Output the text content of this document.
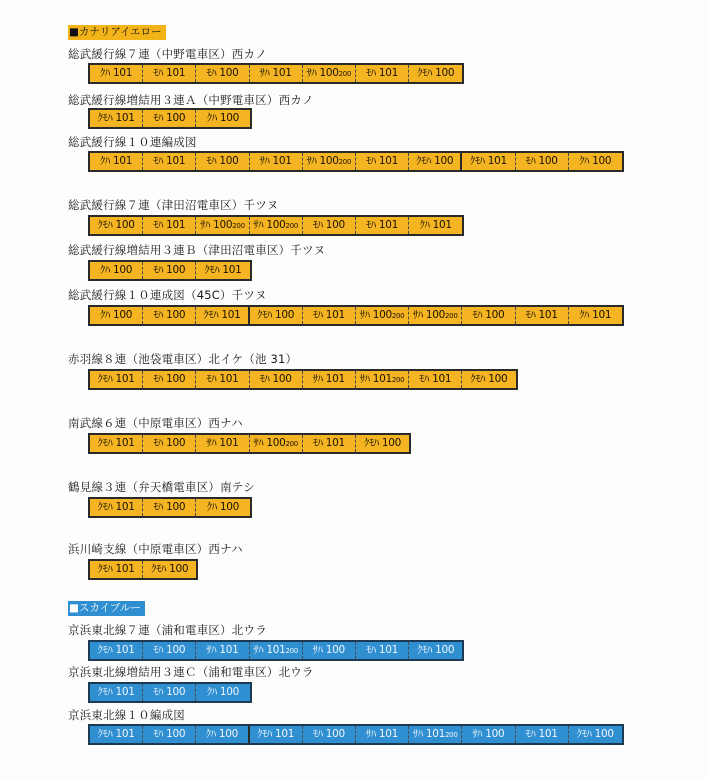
■カナリアイエロー
■スカイブルー
総武緩行線７連（中野電車区）西カノ
ｸﾊ 101	ﾓﾊ 101	ﾓﾊ 100	ｻﾊ 101	ｻﾊ 100200	ﾓﾊ 101	ｸﾓﾊ 100
総武緩行線増結用３連Ａ（中野電車区）西カノ
ｸﾓﾊ 101	ﾓﾊ 100	ｸﾊ 100
総武緩行線１０連編成図
ｸﾊ 101	ﾓﾊ 101	ﾓﾊ 100	ｻﾊ 101	ｻﾊ 100200	ﾓﾊ 101	ｸﾓﾊ 100	ｸﾓﾊ 101	ﾓﾊ 100	ｸﾊ 100
総武緩行線７連（津田沼電車区）千ツヌ
ｸﾓﾊ 100	ﾓﾊ 101	ｻﾊ 100200 ｻﾊ 100200	ﾓﾊ 100	ﾓﾊ 101	ｸﾊ 101
総武緩行線増結用３連Ｂ（津田沼電車区）千ツヌ
ｸﾊ 100	ﾓﾊ 100	ｸﾓﾊ 101
総武緩行線１０連成図（45C）千ツヌ
ｸﾊ 100	ﾓﾊ 100	ｸﾓﾊ 101	ｸﾓﾊ 100	ﾓﾊ 101	ｻﾊ 100200 ｻﾊ 100200	ﾓﾊ 100	ﾓﾊ 101	ｸﾊ 101
赤羽線８連（池袋電車区）北イケ（池 31）
ｸﾓﾊ 101	ﾓﾊ 100	ﾓﾊ 101	ﾓﾊ 100	ｻﾊ 101	ｻﾊ 101200	ﾓﾊ 101	ｸﾓﾊ 100
南武線６連（中原電車区）西ナハ
ｸﾓﾊ 101	ﾓﾊ 100	ｻﾊ 101	ｻﾊ 100200	ﾓﾊ 101	ｸﾓﾊ 100
鶴見線３連（弁天橋電車区）南テシ
ｸﾓﾊ 101	ﾓﾊ 100	ｸﾊ 100
浜川崎支線（中原電車区）西ナハ
ｸﾓﾊ 101	ｸﾓﾊ 100
京浜東北線７連（浦和電車区）北ウラ
ｸﾓﾊ 101	ﾓﾊ 100	ｻﾊ 101	ｻﾊ 101200	ｻﾊ 100	ﾓﾊ 101	ｸﾓﾊ 100
京浜東北線増結用３連Ｃ（浦和電車区）北ウラ
ｸﾓﾊ 101	ﾓﾊ 100	ｸﾊ 100
京浜東北線１０編成図
ｸﾓﾊ 101	ﾓﾊ 100	ｸﾊ 100	ｸﾓﾊ 101	ﾓﾊ 100	ｻﾊ 101	ｻﾊ 101200	ｻﾊ 100	ﾓﾊ 101	ｸﾓﾊ 100
